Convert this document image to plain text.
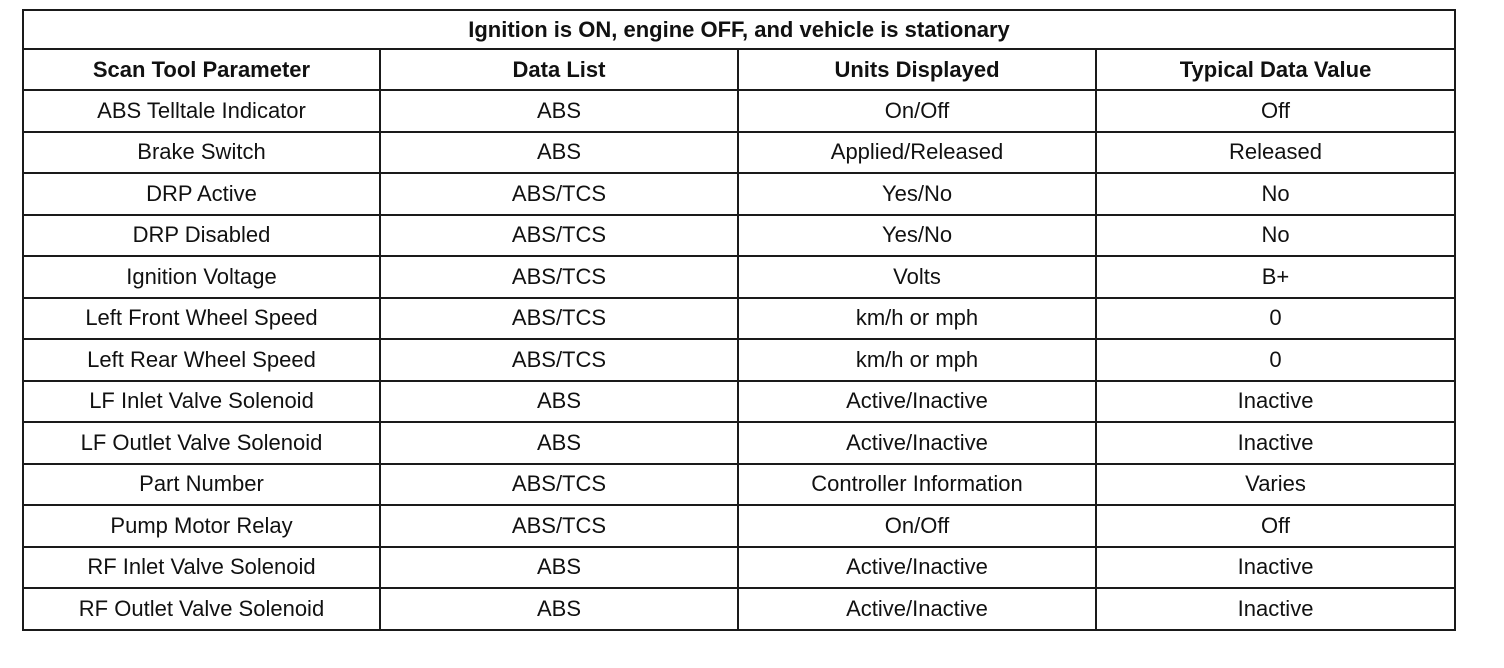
Ignition is ON, engine OFF, and vehicle is stationary			
Scan Tool Parameter	Data List	Units Displayed	Typical Data Value
ABS Telltale Indicator	ABS	On/Off	Off
Brake Switch	ABS	Applied/Released	Released
DRP Active	ABS/TCS	Yes/No	No
DRP Disabled	ABS/TCS	Yes/No	No
Ignition Voltage	ABS/TCS	Volts	B+
Left Front Wheel Speed	ABS/TCS	km/h or mph	0
Left Rear Wheel Speed	ABS/TCS	km/h or mph	0
LF Inlet Valve Solenoid	ABS	Active/Inactive	Inactive
LF Outlet Valve Solenoid	ABS	Active/Inactive	Inactive
Part Number	ABS/TCS	Controller Information	Varies
Pump Motor Relay	ABS/TCS	On/Off	Off
RF Inlet Valve Solenoid	ABS	Active/Inactive	Inactive
RF Outlet Valve Solenoid	ABS	Active/Inactive	Inactive
